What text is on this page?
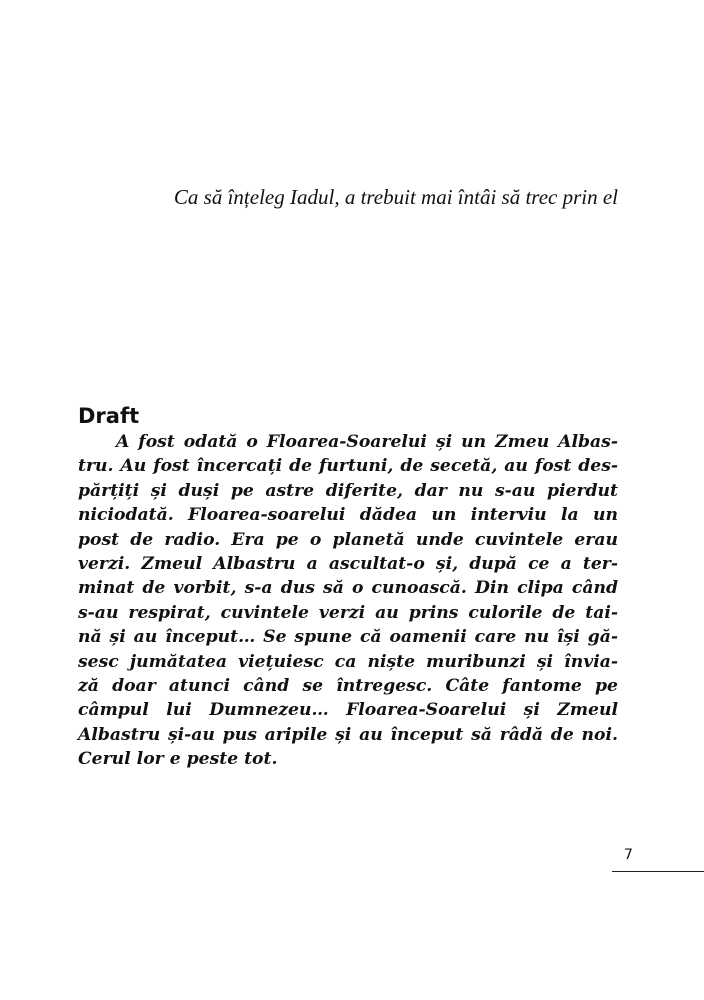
Ca să înțeleg Iadul, a trebuit mai întâi să trec prin el
Draft
A fost odată o Floarea-Soarelui și un Zmeu Albas-
tru. Au fost încercați de furtuni, de secetă, au fost des-
părțiți și duși pe astre diferite, dar nu s-au pierdut
niciodată. Floarea-soarelui dădea un interviu la un
post de radio. Era pe o planetă unde cuvintele erau
verzi. Zmeul Albastru a ascultat-o și, după ce a ter-
minat de vorbit, s-a dus să o cunoască. Din clipa când
s-au respirat, cuvintele verzi au prins culorile de tai-
nă și au început… Se spune că oamenii care nu își gă-
sesc jumătatea viețuiesc ca niște muribunzi și învia-
ză doar atunci când se întregesc. Câte fantome pe
câmpul lui Dumnezeu… Floarea-Soarelui și Zmeul
Albastru și-au pus aripile și au început să râdă de noi.
Cerul lor e peste tot.
7
